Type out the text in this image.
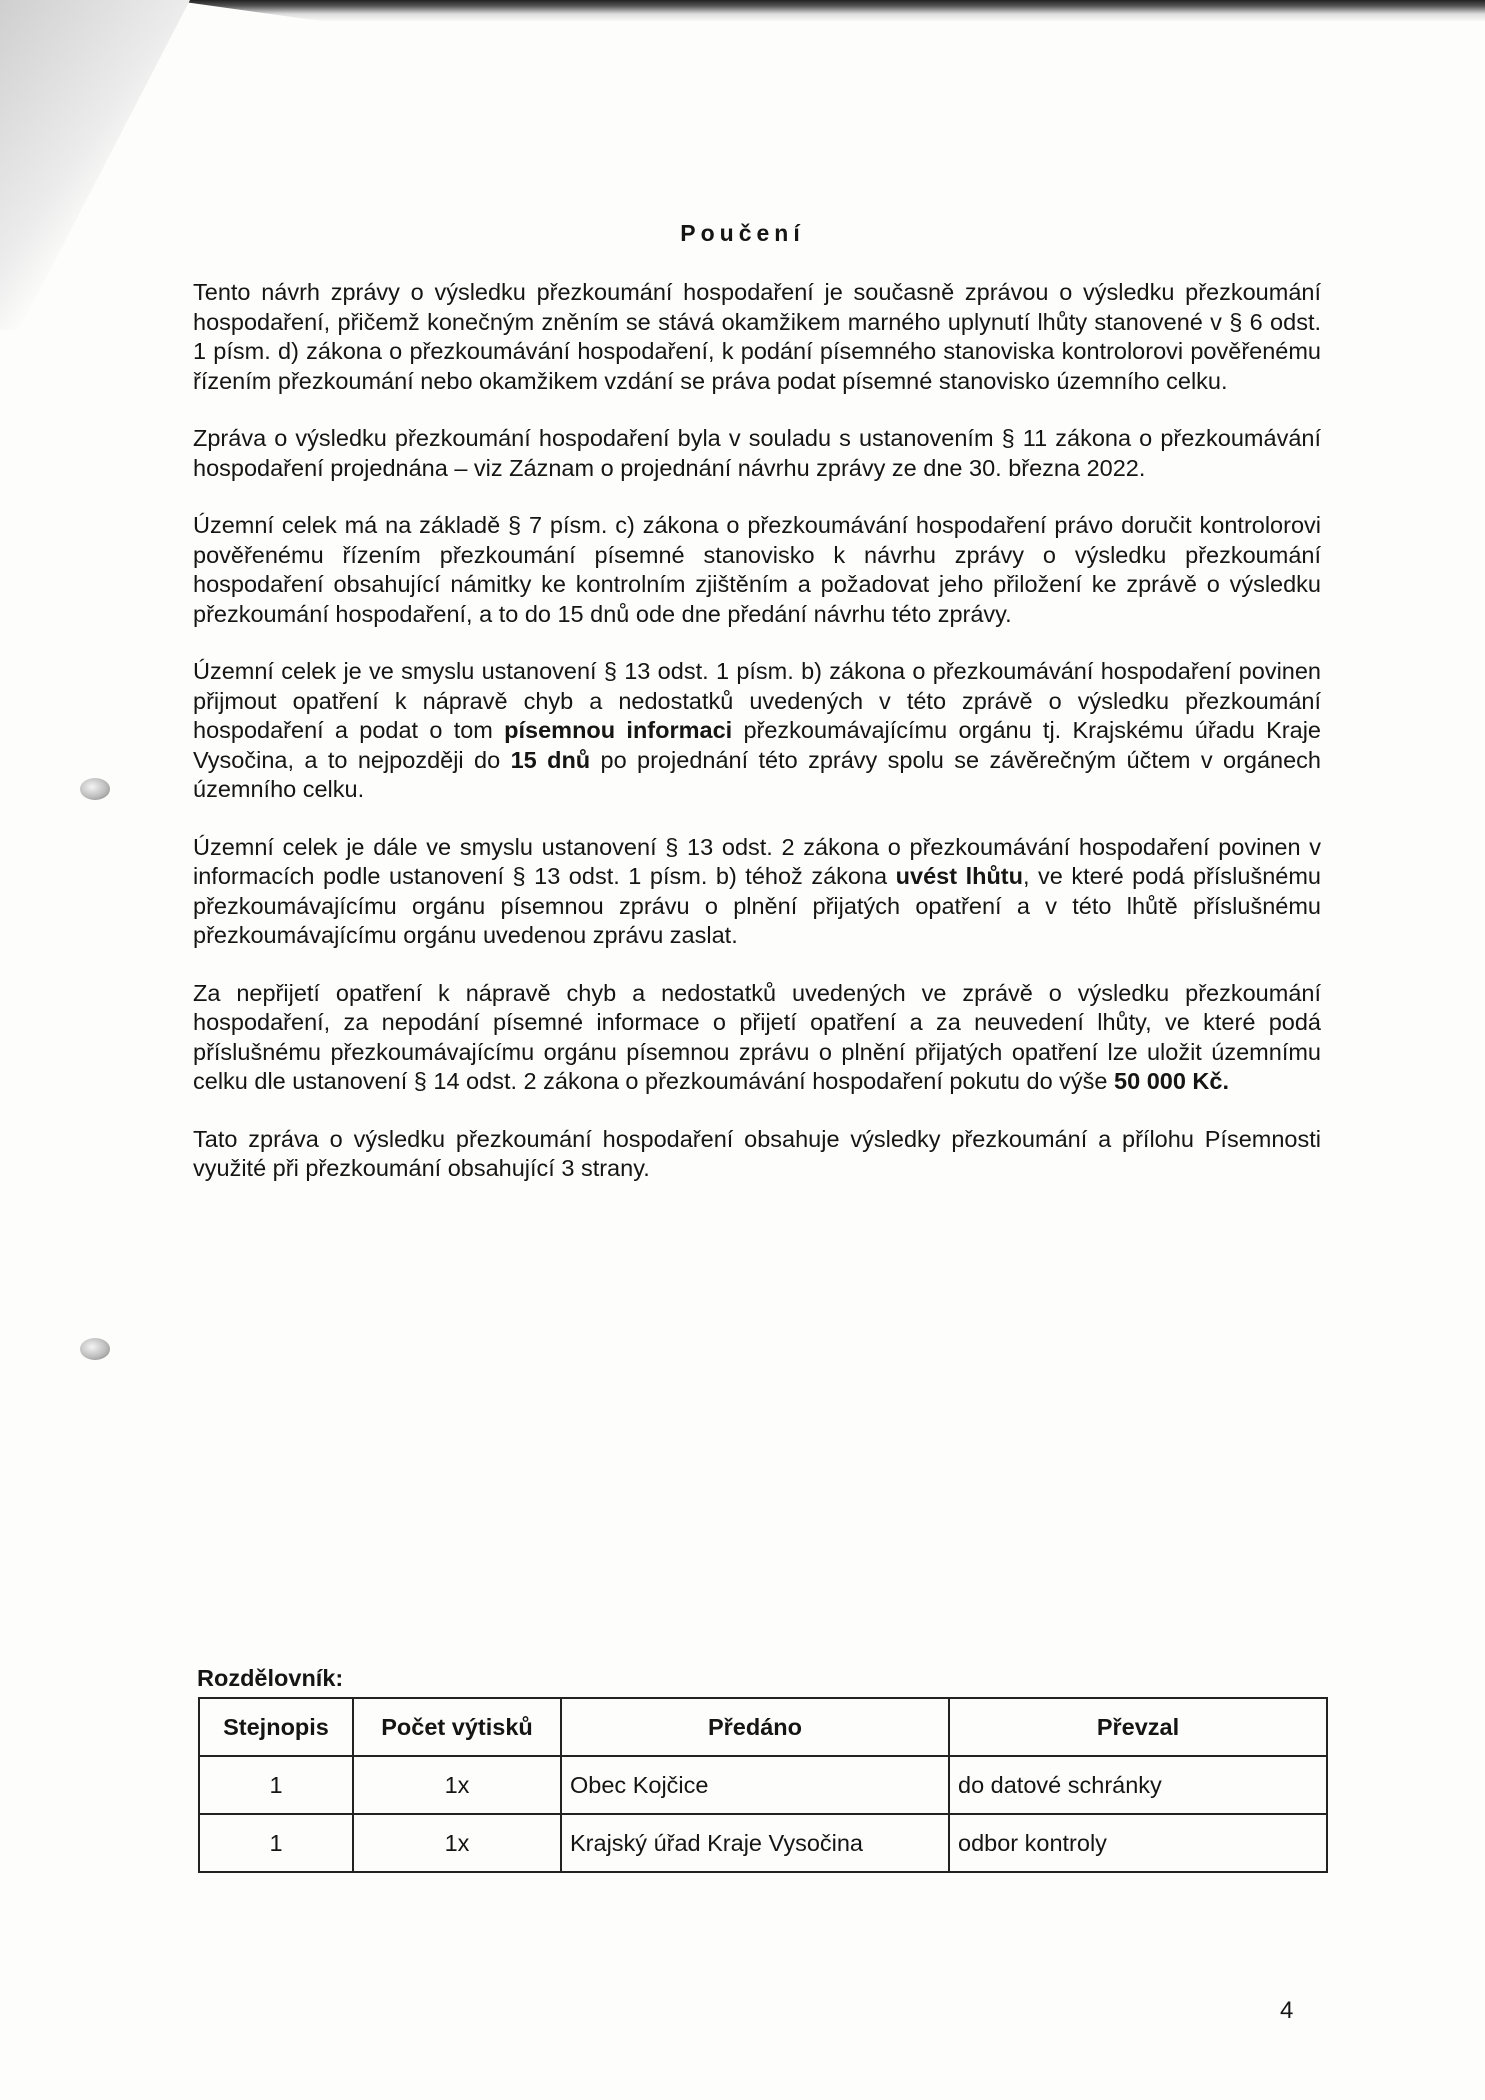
Poučení

Tento návrh zprávy o výsledku přezkoumání hospodaření je současně zprávou o výsledku přezkoumání hospodaření, přičemž konečným zněním se stává okamžikem marného uplynutí lhůty stanovené v § 6 odst. 1 písm. d) zákona o přezkoumávání hospodaření, k podání písemného stanoviska kontrolorovi pověřenému řízením přezkoumání nebo okamžikem vzdání se práva podat písemné stanovisko územního celku.

Zpráva o výsledku přezkoumání hospodaření byla v souladu s ustanovením § 11 zákona o přezkoumávání hospodaření projednána – viz Záznam o projednání návrhu zprávy ze dne 30. března 2022.

Územní celek má na základě § 7 písm. c) zákona o přezkoumávání hospodaření právo doručit kontrolorovi pověřenému řízením přezkoumání písemné stanovisko k návrhu zprávy o výsledku přezkoumání hospodaření obsahující námitky ke kontrolním zjištěním a požadovat jeho přiložení ke zprávě o výsledku přezkoumání hospodaření, a to do 15 dnů ode dne předání návrhu této zprávy.

Územní celek je ve smyslu ustanovení § 13 odst. 1 písm. b) zákona o přezkoumávání hospodaření povinen přijmout opatření k nápravě chyb a nedostatků uvedených v této zprávě o výsledku přezkoumání hospodaření a podat o tom písemnou informaci přezkoumávajícímu orgánu tj. Krajskému úřadu Kraje Vysočina, a to nejpozději do 15 dnů po projednání této zprávy spolu se závěrečným účtem v orgánech územního celku.

Územní celek je dále ve smyslu ustanovení § 13 odst. 2 zákona o přezkoumávání hospodaření povinen v informacích podle ustanovení § 13 odst. 1 písm. b) téhož zákona uvést lhůtu, ve které podá příslušnému přezkoumávajícímu orgánu písemnou zprávu o plnění přijatých opatření a v této lhůtě příslušnému přezkoumávajícímu orgánu uvedenou zprávu zaslat.

Za nepřijetí opatření k nápravě chyb a nedostatků uvedených ve zprávě o výsledku přezkoumání hospodaření, za nepodání písemné informace o přijetí opatření a za neuvedení lhůty, ve které podá příslušnému přezkoumávajícímu orgánu písemnou zprávu o plnění přijatých opatření lze uložit územnímu celku dle ustanovení § 14 odst. 2 zákona o přezkoumávání hospodaření pokutu do výše 50 000 Kč.

Tato zpráva o výsledku přezkoumání hospodaření obsahuje výsledky přezkoumání a přílohu Písemnosti využité při přezkoumání obsahující 3 strany.

Rozdělovník:
Stejnopis	Počet výtisků	Předáno	Převzal
1	1x	Obec Kojčice	do datové schránky
1	1x	Krajský úřad Kraje Vysočina	odbor kontroly
4
